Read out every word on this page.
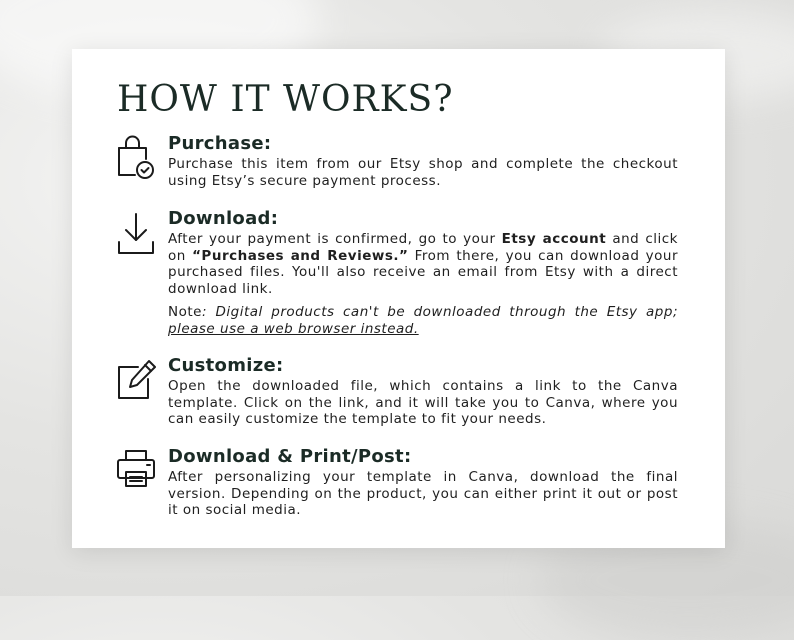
HOW IT WORKS?

Purchase:

Purchase this item from our Etsy shop and complete the checkout using Etsy’s secure payment process.

Download:

After your payment is confirmed, go to your Etsy account and click on “Purchases and Reviews.” From there, you can download your purchased files. You'll also receive an email from Etsy with a direct download link.

Note: Digital products can't be downloaded through the Etsy app; please use a web browser instead.

Customize:

Open the downloaded file, which contains a link to the Canva template. Click on the link, and it will take you to Canva, where you can easily customize the template to fit your needs.

Download & Print/Post:

After personalizing your template in Canva, download the final version. Depending on the product, you can either print it out or post it on social media.
